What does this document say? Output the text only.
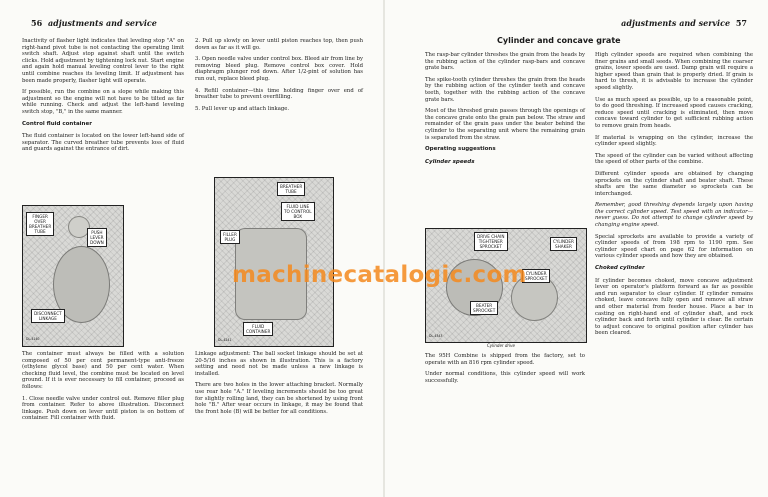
56 adjustments and service

Inactivity of flasher light indicates that leveling stop "A" on right-hand pivot tube is not contacting the operating limit switch shaft. Adjust stop against shaft until the switch clicks. Hold adjustment by tightening lock nut. Start engine and again hold manual leveling control lever to the right until combine reaches its leveling limit. If adjustment has been made properly, flasher light will operate.

If possible, run the combine on a slope while making this adjustment so the engine will not have to be tilted as far while running. Check and adjust the left-hand leveling switch stop, "B," in the same manner.

Control fluid container

The fluid container is located on the lower left-hand side of separator. The curved breather tube prevents loss of fluid and guards against the entrance of dirt.

FINGER
OVER
BREATHER
TUBE	PUSH
LEVER
DOWN
DISCONNECT
LINKAGE
DL-4140

The container must always be filled with a solution composed of 50 per cent permanent-type anti-freeze (ethylene glycol base) and 50 per cent water. When checking fluid level, the combine must be located on level ground. If it is ever necessary to fill container, proceed as follows:

1. Close needle valve under control out. Remove filler plug from container. Refer to above illustration. Disconnect linkage. Push down on lever until piston is on bottom of container. Fill container with fluid.

2. Pull up slowly on lever until piston reaches top, then push down as far as it will go.

3. Open needle valve under control box. Bleed air from line by removing bleed plug. Remove control box cover. Hold diaphragm plunger rod down. After 1/2-pint of solution has run out, replace bleed plug.

4. Refill container—this time holding finger over end of breather tube to prevent overfilling.

5. Pull lever up and attach linkage.

BREATHER
TUBE
FLUID LINE
TO CONTROL
BOX
FILLER
PLUG
FLUID
CONTAINER
DL-4241

Linkage adjustment: The ball socket linkage should be set at 20-5/16 inches as shown in illustration. This is a factory setting and need not be made unless a new linkage is installed.

There are two holes in the lower attaching bracket. Normally use rear hole "A." If leveling increments should be too great for slightly rolling land, they can be shortened by using front hole "B." After wear occurs in linkage, it may be found that the front hole (B) will be better for all conditions.

adjustments and service 57
Cylinder and concave grate

The rasp-bar cylinder threshes the grain from the heads by the rubbing action of the cylinder rasp-bars and concave grate bars.

The spike-tooth cylinder threshes the grain from the heads by the rubbing action of the cylinder teeth and concave teeth, together with the rubbing action of the concave grate bars.

Most of the threshed grain passes through the openings of the concave grate onto the grain pan below. The straw and remainder of the grain pass under the beater behind the cylinder to the separating unit where the remaining grain is separated from the straw.

Operating suggestions
Cylinder speeds
DRIVE CHAIN
TIGHTENER
SPROCKET
CYLINDER
SHAKER
CYLINDER
SPROCKET
BEATER
SPROCKET
DL-4343
Cylinder drive

The 95H Combine is shipped from the factory, set to operate with an 816 rpm cylinder speed.

Under normal conditions, this cylinder speed will work successfully.

High cylinder speeds are required when combining the finer grains and small seeds. When combining the coarser grains, lower speeds are used. Damp grain will require a higher speed than grain that is properly dried. If grain is hard to thresh, it is advisable to increase the cylinder speed slightly.

Use as much speed as possible, up to a reasonable point, to do good threshing. If increased speed causes cracking, reduce speed until cracking is eliminated, then move concave toward cylinder to get sufficient rubbing action to remove grain from heads.

If material is wrapping on the cylinder, increase the cylinder speed slightly.

The speed of the cylinder can be varied without affecting the speed of other parts of the combine.

Different cylinder speeds are obtained by changing sprockets on the cylinder shaft and beater shaft. These shafts are the same diameter so sprockets can be interchanged.

Remember, good threshing depends largely upon having the correct cylinder speed. Test speed with an indicator—never guess. Do not attempt to change cylinder speed by changing engine speed.

Special sprockets are available to provide a variety of cylinder speeds of from 198 rpm to 1190 rpm. See cylinder speed chart on page 62 for information on various cylinder speeds and how they are obtained.

Choked cylinder

If cylinder becomes choked, move concave adjustment lever on operator's platform forward as far as possible and run separator to clear cylinder. If cylinder remains choked, leave concave fully open and remove all straw and other material from feeder house. Place a bar in casting on right-hand end of cylinder shaft, and rock cylinder back and forth until cylinder is clear. Be certain to adjust concave to original position after cylinder has been cleared.

machinecatalogic.com
